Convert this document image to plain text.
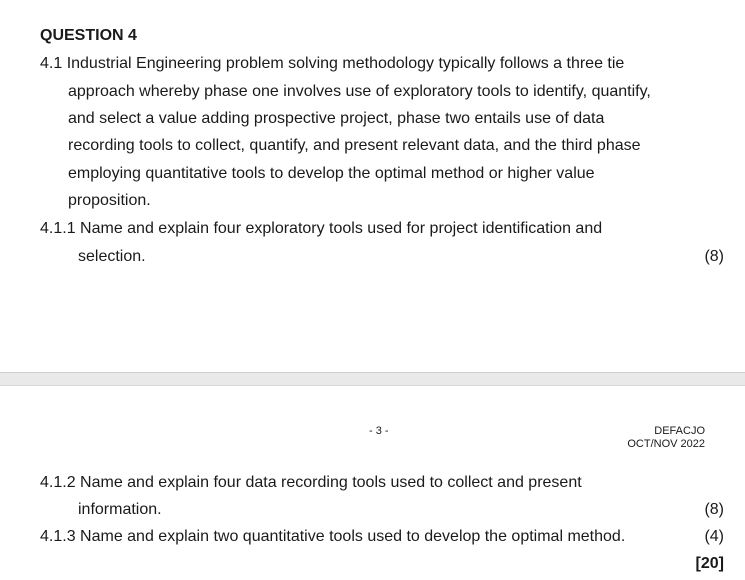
QUESTION 4
4.1 Industrial Engineering problem solving methodology typically follows a three tie
approach whereby phase one involves use of exploratory tools to identify, quantify,
and select a value adding prospective project, phase two entails use of data
recording tools to collect, quantify, and present relevant data, and the third phase
employing quantitative tools to develop the optimal method or higher value
proposition.
4.1.1 Name and explain four exploratory tools used for project identification and
selection.	(8)
- 3 -	DEFACJO
OCT/NOV 2022
4.1.2 Name and explain four data recording tools used to collect and present
information.	(8)
4.1.3 Name and explain two quantitative tools used to develop the optimal method.	(4)
[20]
